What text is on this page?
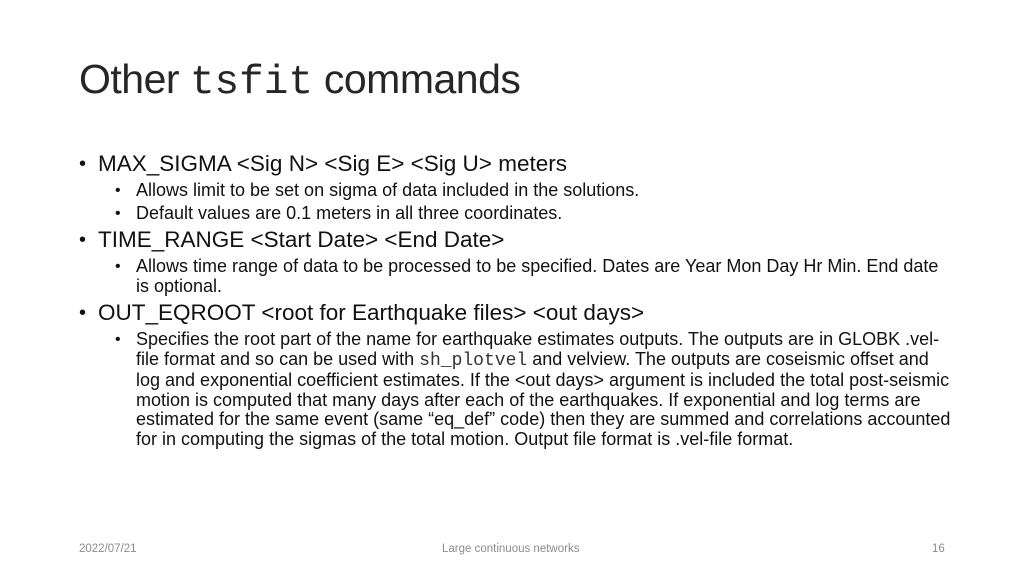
Other tsfit commands
• MAX_SIGMA <Sig N> <Sig E> <Sig U> meters
• Allows limit to be set on sigma of data included in the solutions.
• Default values are 0.1 meters in all three coordinates.
• TIME_RANGE <Start Date> <End Date>
• Allows time range of data to be processed to be specified. Dates are Year Mon Day Hr Min. End date is optional.
• OUT_EQROOT <root for Earthquake files> <out days>
• Specifies the root part of the name for earthquake estimates outputs. The outputs are in GLOBK .vel-file format and so can be used with sh_plotvel and velview. The outputs are coseismic offset and log and exponential coefficient estimates. If the <out days> argument is included the total post-seismic motion is computed that many days after each of the earthquakes. If exponential and log terms are estimated for the same event (same “eq_def” code) then they are summed and correlations accounted for in computing the sigmas of the total motion. Output file format is .vel-file format.
2022/07/21	Large continuous networks	16
